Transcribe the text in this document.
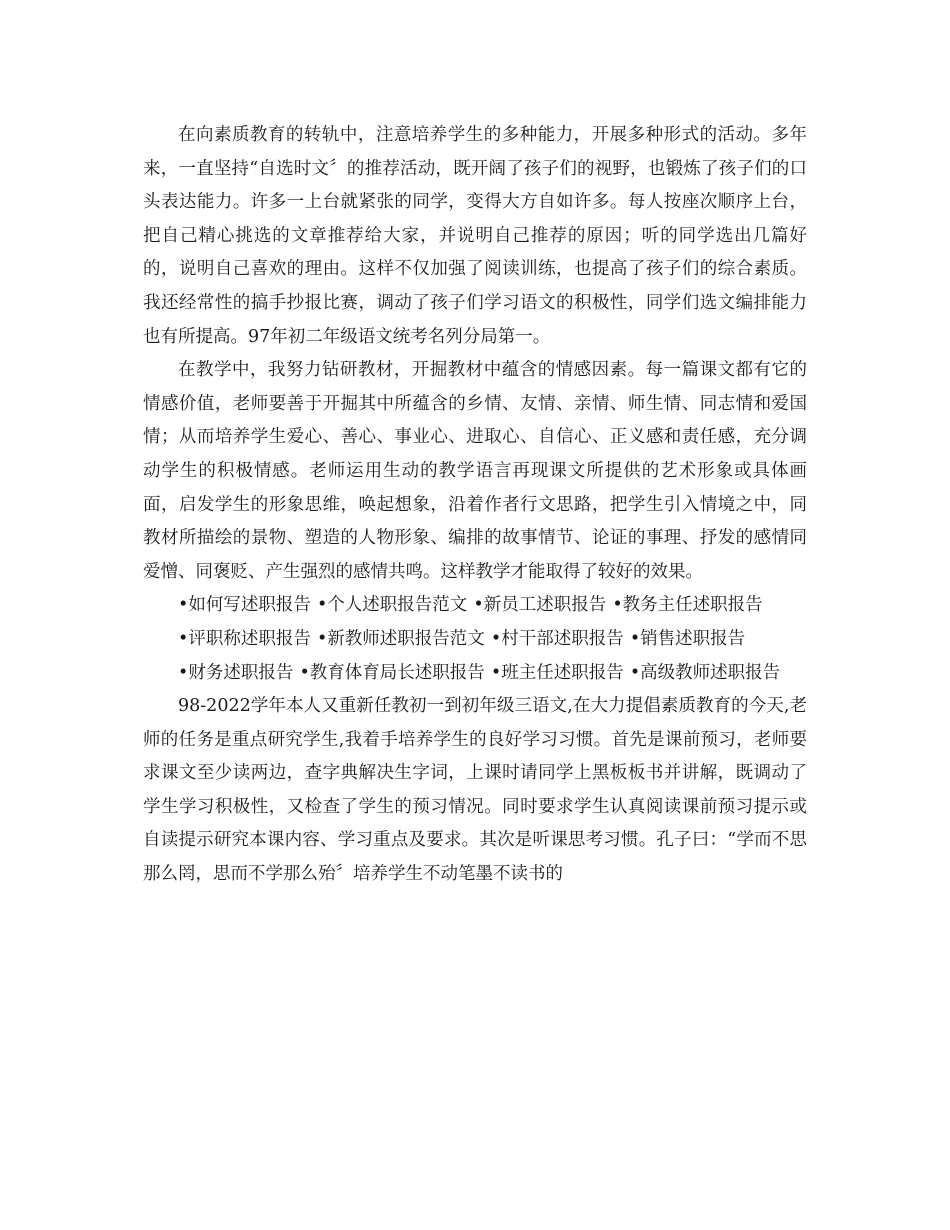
在向素质教育的转轨中，注意培养学生的多种能力，开展多种形式的活动。多年来，一直坚持“自选时文〞的推荐活动，既开阔了孩子们的视野，也锻炼了孩子们的口头表达能力。许多一上台就紧张的同学，变得大方自如许多。每人按座次顺序上台，把自己精心挑选的文章推荐给大家，并说明自己推荐的原因；听的同学选出几篇好的，说明自己喜欢的理由。这样不仅加强了阅读训练，也提高了孩子们的综合素质。我还经常性的搞手抄报比赛，调动了孩子们学习语文的积极性，同学们选文编排能力也有所提高。97年初二年级语文统考名列分局第一。

在教学中，我努力钻研教材，开掘教材中蕴含的情感因素。每一篇课文都有它的情感价值，老师要善于开掘其中所蕴含的乡情、友情、亲情、师生情、同志情和爱国情；从而培养学生爱心、善心、事业心、进取心、自信心、正义感和责任感，充分调动学生的积极情感。老师运用生动的教学语言再现课文所提供的艺术形象或具体画面，启发学生的形象思维，唤起想象，沿着作者行文思路，把学生引入情境之中，同教材所描绘的景物、塑造的人物形象、编排的故事情节、论证的事理、抒发的感情同爱憎、同褒贬、产生强烈的感情共鸣。这样教学才能取得了较好的效果。

•如何写述职报告 •个人述职报告范文 •新员工述职报告 •教务主任述职报告

•评职称述职报告 •新教师述职报告范文 •村干部述职报告 •销售述职报告

•财务述职报告 •教育体育局长述职报告 •班主任述职报告 •高级教师述职报告

98-2022学年本人又重新任教初一到初年级三语文,在大力提倡素质教育的今天,老师的任务是重点研究学生,我着手培养学生的良好学习习惯。首先是课前预习，老师要求课文至少读两边，查字典解决生字词，上课时请同学上黑板板书并讲解，既调动了学生学习积极性，又检查了学生的预习情况。同时要求学生认真阅读课前预习提示或自读提示研究本课内容、学习重点及要求。其次是听课思考习惯。孔子曰：“学而不思那么罔，思而不学那么殆〞培养学生不动笔墨不读书的
